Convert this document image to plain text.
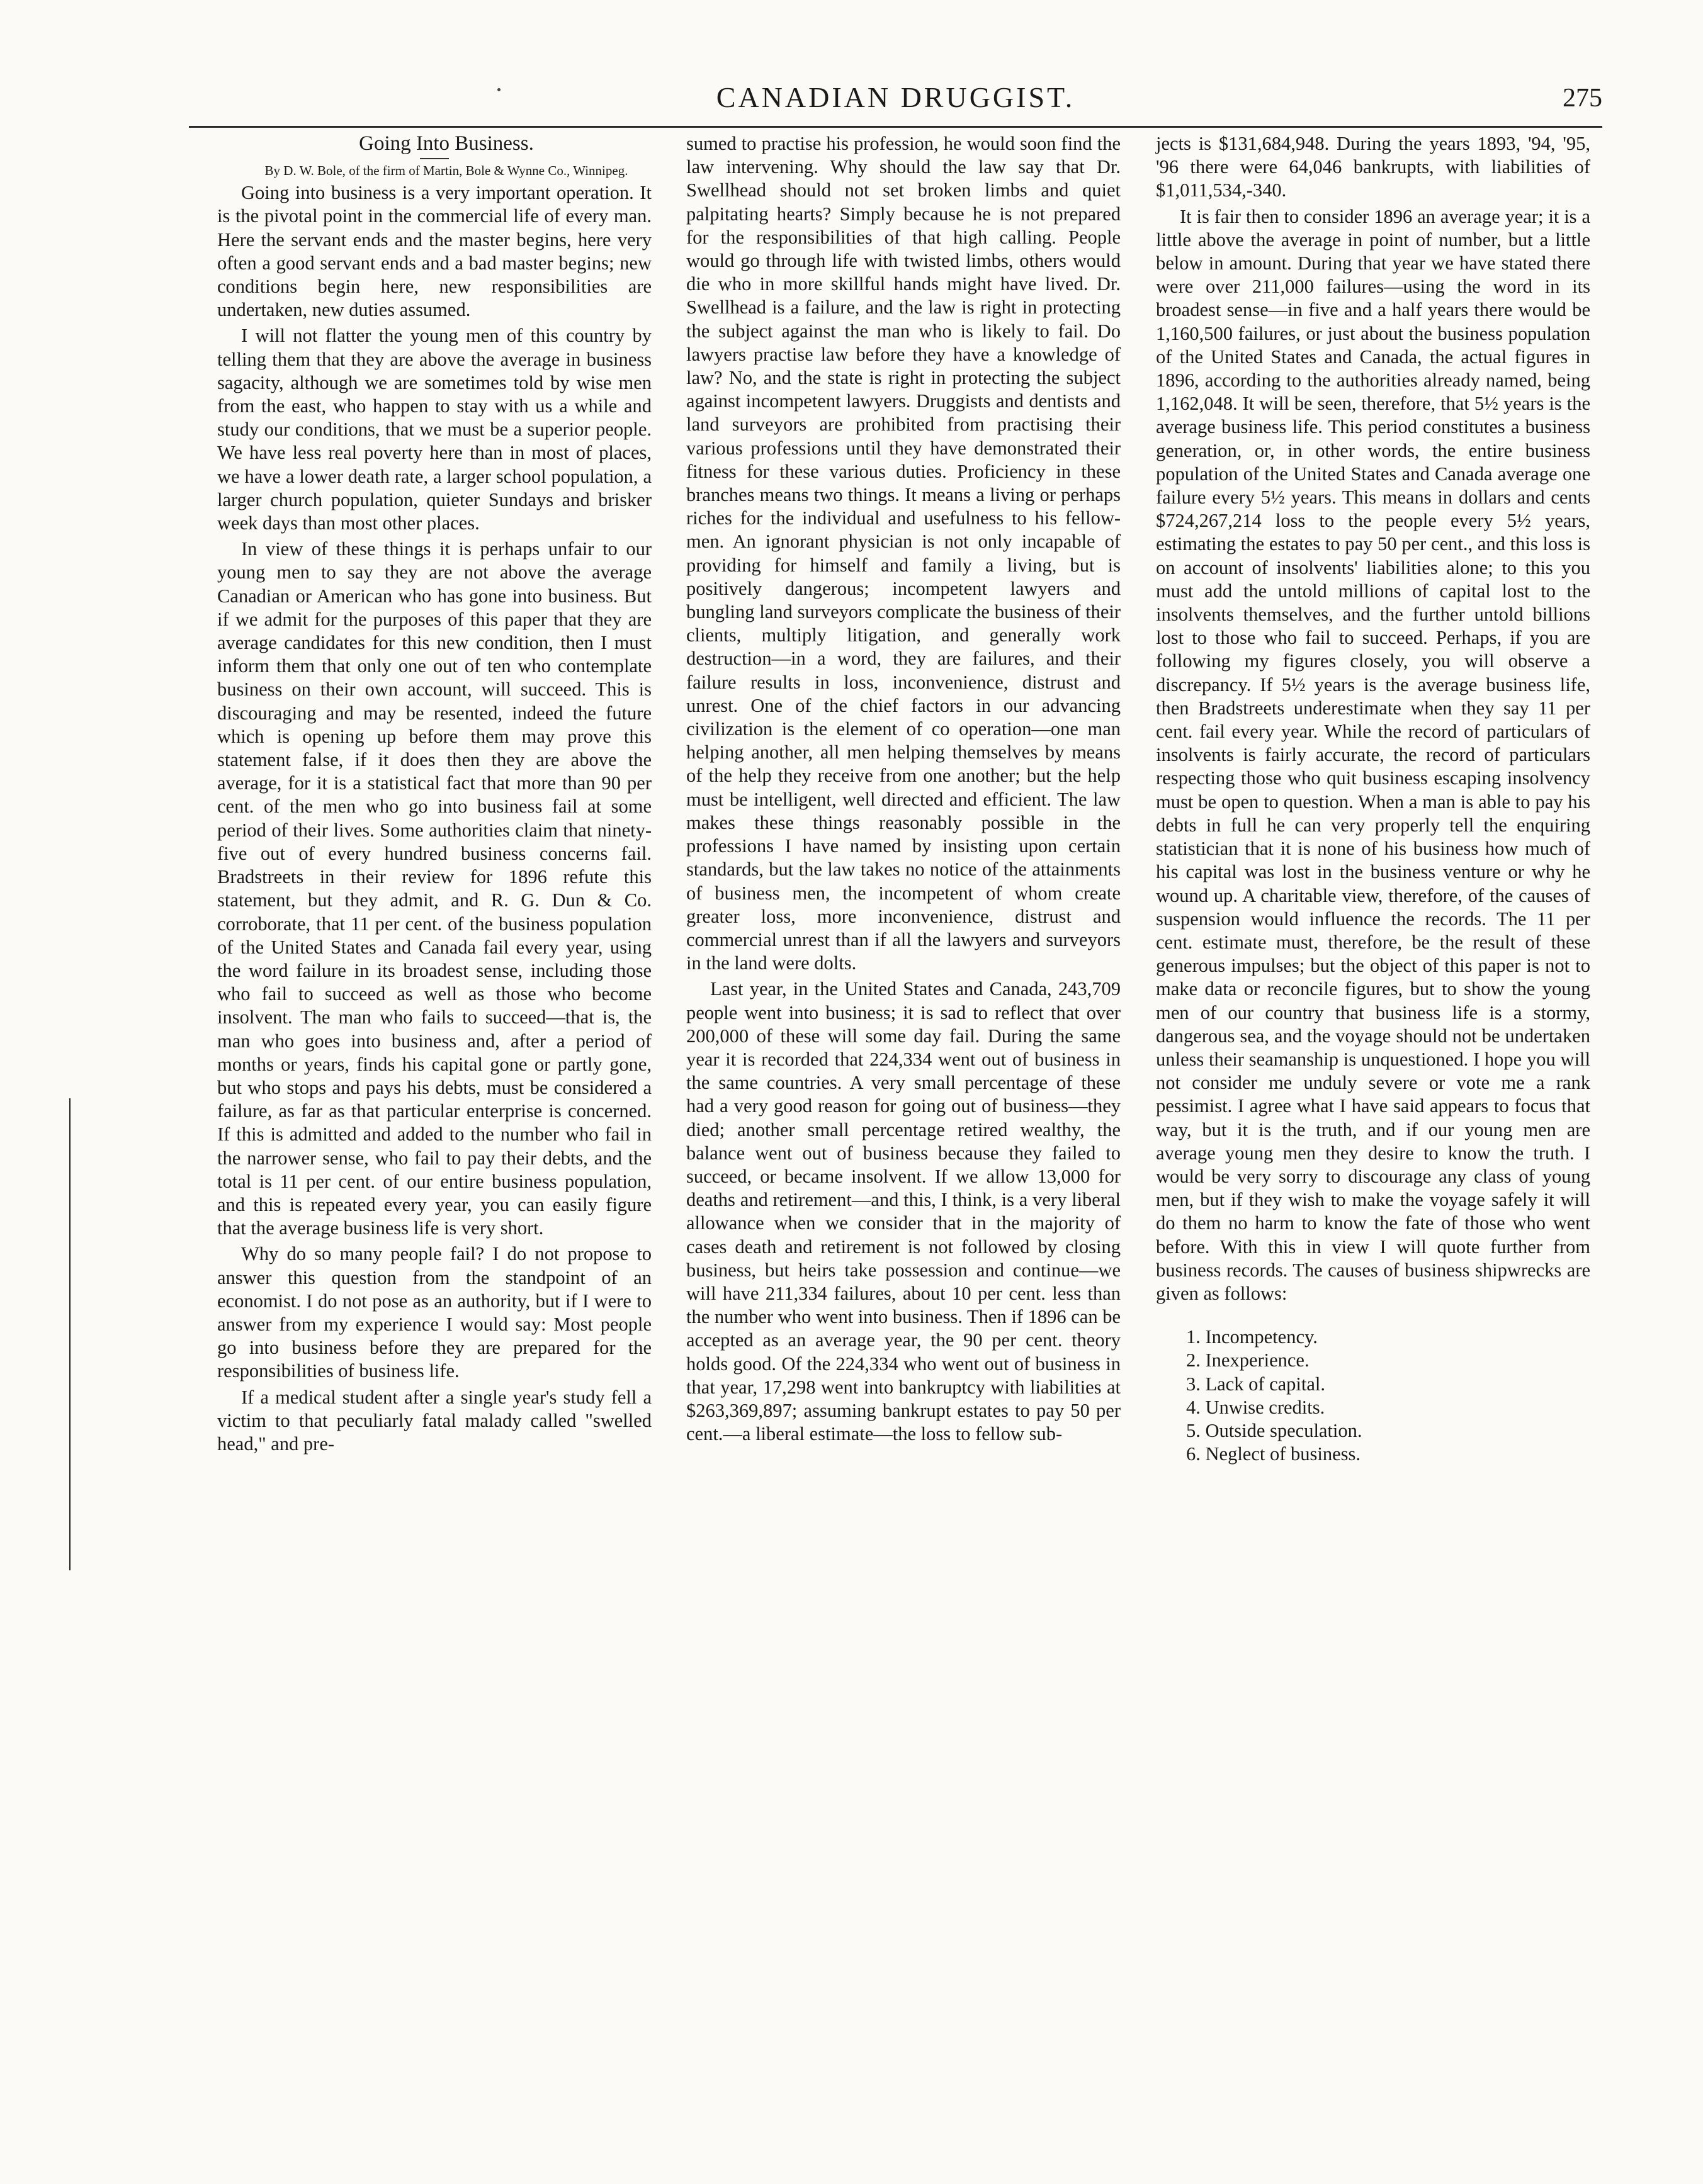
CANADIAN DRUGGIST.	275

Going Into Business.

By D. W. Bole, of the firm of Martin, Bole & Wynne Co., Winnipeg.

Going into business is a very important operation. It is the pivotal point in the commercial life of every man. Here the servant ends and the master begins, here very often a good servant ends and a bad master begins; new conditions begin here, new responsibilities are undertaken, new duties assumed.

I will not flatter the young men of this country by telling them that they are above the average in business sagacity, although we are sometimes told by wise men from the east, who happen to stay with us a while and study our conditions, that we must be a superior people. We have less real poverty here than in most of places, we have a lower death rate, a larger school population, a larger church population, quieter Sundays and brisker week days than most other places.

In view of these things it is perhaps unfair to our young men to say they are not above the average Canadian or American who has gone into business. But if we admit for the purposes of this paper that they are average candidates for this new condition, then I must inform them that only one out of ten who contemplate business on their own account, will succeed. This is discouraging and may be resented, indeed the future which is opening up before them may prove this statement false, if it does then they are above the average, for it is a statistical fact that more than 90 per cent. of the men who go into business fail at some period of their lives. Some authorities claim that ninety-five out of every hundred business concerns fail. Bradstreets in their review for 1896 refute this statement, but they admit, and R. G. Dun & Co. corroborate, that 11 per cent. of the business population of the United States and Canada fail every year, using the word failure in its broadest sense, including those who fail to succeed as well as those who become insolvent. The man who fails to succeed—that is, the man who goes into business and, after a period of months or years, finds his capital gone or partly gone, but who stops and pays his debts, must be considered a failure, as far as that particular enterprise is concerned. If this is admitted and added to the number who fail in the narrower sense, who fail to pay their debts, and the total is 11 per cent. of our entire business population, and this is repeated every year, you can easily figure that the average business life is very short.

Why do so many people fail? I do not propose to answer this question from the standpoint of an economist. I do not pose as an authority, but if I were to answer from my experience I would say: Most people go into business before they are prepared for the responsibilities of business life.

If a medical student after a single year's study fell a victim to that peculiarly fatal malady called "swelled head," and pre-

sumed to practise his profession, he would soon find the law intervening. Why should the law say that Dr. Swellhead should not set broken limbs and quiet palpitating hearts? Simply because he is not prepared for the responsibilities of that high calling. People would go through life with twisted limbs, others would die who in more skillful hands might have lived. Dr. Swellhead is a failure, and the law is right in protecting the subject against the man who is likely to fail. Do lawyers practise law before they have a knowledge of law? No, and the state is right in protecting the subject against incompetent lawyers. Druggists and dentists and land surveyors are prohibited from practising their various professions until they have demonstrated their fitness for these various duties. Proficiency in these branches means two things. It means a living or perhaps riches for the individual and usefulness to his fellow-men. An ignorant physician is not only incapable of providing for himself and family a living, but is positively dangerous; incompetent lawyers and bungling land surveyors complicate the business of their clients, multiply litigation, and generally work destruction—in a word, they are failures, and their failure results in loss, inconvenience, distrust and unrest. One of the chief factors in our advancing civilization is the element of co operation—one man helping another, all men helping themselves by means of the help they receive from one another; but the help must be intelligent, well directed and efficient. The law makes these things reasonably possible in the professions I have named by insisting upon certain standards, but the law takes no notice of the attainments of business men, the incompetent of whom create greater loss, more inconvenience, distrust and commercial unrest than if all the lawyers and surveyors in the land were dolts.

Last year, in the United States and Canada, 243,709 people went into business; it is sad to reflect that over 200,000 of these will some day fail. During the same year it is recorded that 224,334 went out of business in the same countries. A very small percentage of these had a very good reason for going out of business—they died; another small percentage retired wealthy, the balance went out of business because they failed to succeed, or became insolvent. If we allow 13,000 for deaths and retirement—and this, I think, is a very liberal allowance when we consider that in the majority of cases death and retirement is not followed by closing business, but heirs take possession and continue—we will have 211,334 failures, about 10 per cent. less than the number who went into business. Then if 1896 can be accepted as an average year, the 90 per cent. theory holds good. Of the 224,334 who went out of business in that year, 17,298 went into bankruptcy with liabilities at $263,369,897; assuming bankrupt estates to pay 50 per cent.—a liberal estimate—the loss to fellow sub-

jects is $131,684,948. During the years 1893, '94, '95, '96 there were 64,046 bankrupts, with liabilities of $1,011,534,-340.

It is fair then to consider 1896 an average year; it is a little above the average in point of number, but a little below in amount. During that year we have stated there were over 211,000 failures—using the word in its broadest sense—in five and a half years there would be 1,160,500 failures, or just about the business population of the United States and Canada, the actual figures in 1896, according to the authorities already named, being 1,162,048. It will be seen, therefore, that 5½ years is the average business life. This period constitutes a business generation, or, in other words, the entire business population of the United States and Canada average one failure every 5½ years. This means in dollars and cents $724,267,214 loss to the people every 5½ years, estimating the estates to pay 50 per cent., and this loss is on account of insolvents' liabilities alone; to this you must add the untold millions of capital lost to the insolvents themselves, and the further untold billions lost to those who fail to succeed. Perhaps, if you are following my figures closely, you will observe a discrepancy. If 5½ years is the average business life, then Bradstreets underestimate when they say 11 per cent. fail every year. While the record of particulars of insolvents is fairly accurate, the record of particulars respecting those who quit business escaping insolvency must be open to question. When a man is able to pay his debts in full he can very properly tell the enquiring statistician that it is none of his business how much of his capital was lost in the business venture or why he wound up. A charitable view, therefore, of the causes of suspension would influence the records. The 11 per cent. estimate must, therefore, be the result of these generous impulses; but the object of this paper is not to make data or reconcile figures, but to show the young men of our country that business life is a stormy, dangerous sea, and the voyage should not be undertaken unless their seamanship is unquestioned. I hope you will not consider me unduly severe or vote me a rank pessimist. I agree what I have said appears to focus that way, but it is the truth, and if our young men are average young men they desire to know the truth. I would be very sorry to discourage any class of young men, but if they wish to make the voyage safely it will do them no harm to know the fate of those who went before. With this in view I will quote further from business records. The causes of business shipwrecks are given as follows:

1. Incompetency.
2. Inexperience.
3. Lack of capital.
4. Unwise credits.
5. Outside speculation.
6. Neglect of business.
